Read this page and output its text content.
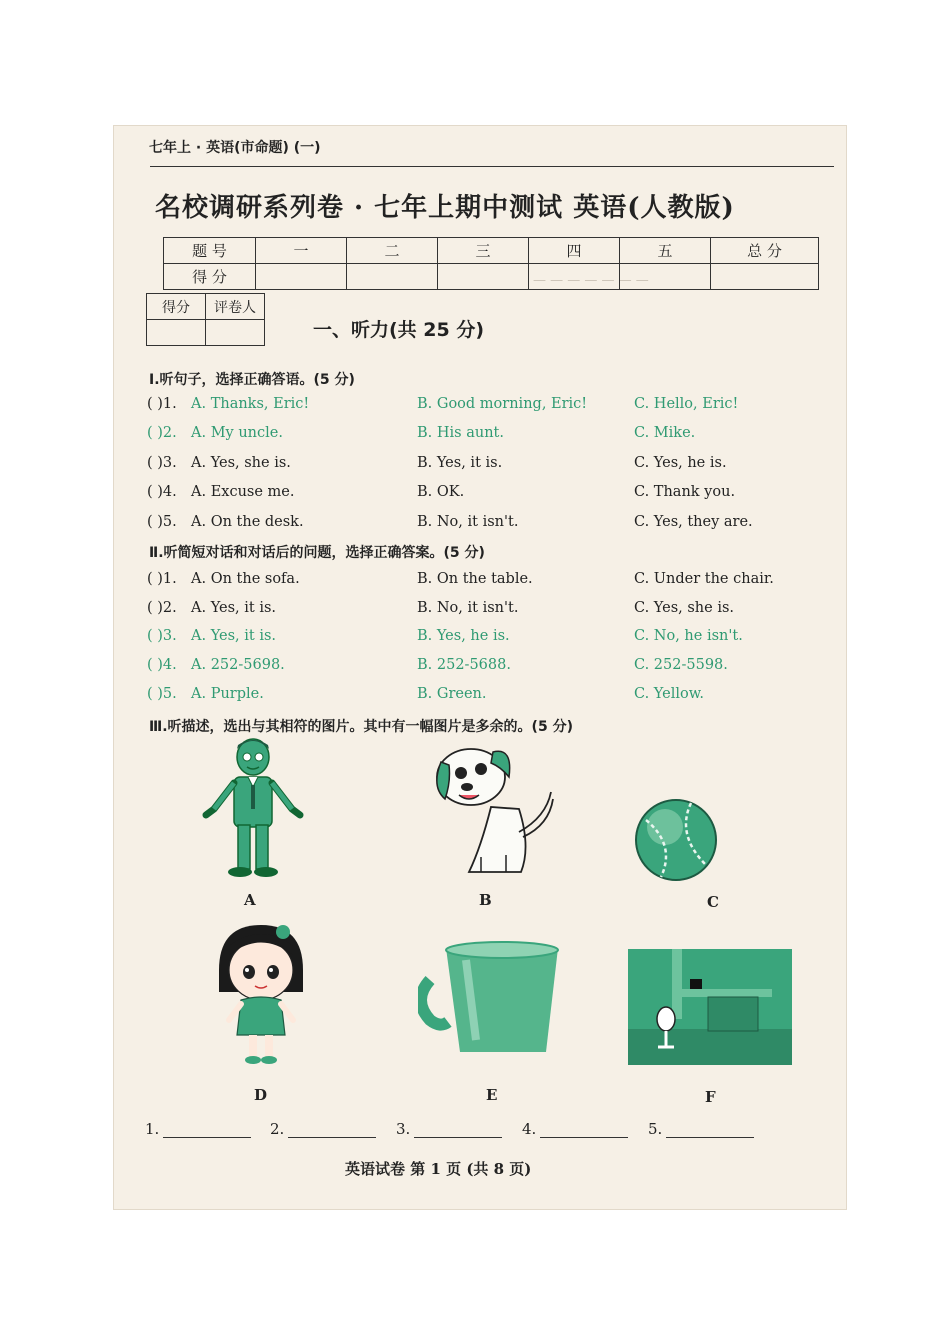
— — — — — — —
七年上 · 英语(市命题) (一)
名校调研系列卷 · 七年上期中测试 英语(人教版)
题 号	一	二	三	四	五	总 分
得 分						
得分	评卷人

一、听力(共 25 分)
Ⅰ.听句子，选择正确答语。(5 分)
( )1. A. Thanks, Eric!	B. Good morning, Eric!	C. Hello, Eric!
( )2. A. My uncle.	B. His aunt.	C. Mike.
( )3. A. Yes, she is.	B. Yes, it is.	C. Yes, he is.
( )4. A. Excuse me.	B. OK.	C. Thank you.
( )5. A. On the desk.	B. No, it isn't.	C. Yes, they are.
Ⅱ.听简短对话和对话后的问题，选择正确答案。(5 分)
( )1. A. On the sofa.	B. On the table.	C. Under the chair.
( )2. A. Yes, it is.	B. No, it isn't.	C. Yes, she is.
( )3. A. Yes, it is.	B. Yes, he is.	C. No, he isn't.
( )4. A. 252-5698.	B. 252-5688.	C. 252-5598.
( )5. A. Purple.	B. Green.	C. Yellow.
Ⅲ.听描述，选出与其相符的图片。其中有一幅图片是多余的。(5 分)
A	B	C
D	E	F
1.	2.	3.	4.	5.
英语试卷 第 1 页 (共 8 页)
